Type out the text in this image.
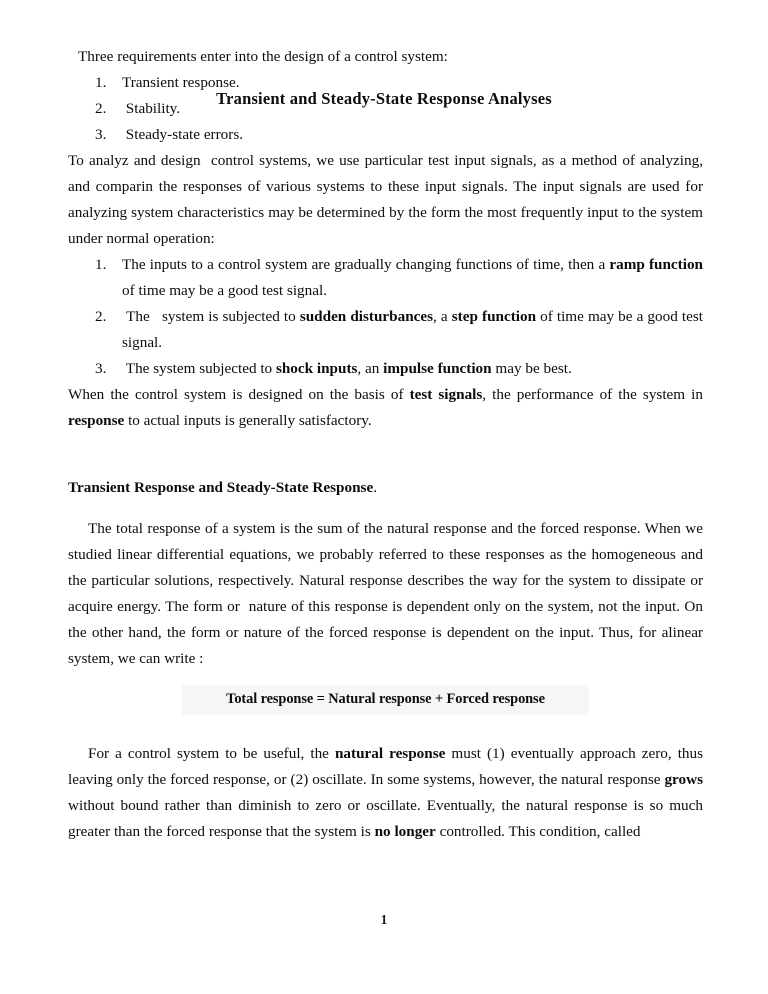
Transient and Steady-State Response Analyses

Three requirements enter into the design of a control system:

1.	Transient response.
2.	Stability.
3.	Steady-state errors.

To analyz and design  control systems, we use particular test input signals, as a method of analyzing, and comparin the responses of various systems to these input signals. The input signals are used for analyzing system characteristics may be determined by the form the most frequently input to the system under normal operation:

1.	The inputs to a control system are gradually changing functions of time, then a ramp function of time may be a good test signal.
2.	The   system is subjected to sudden disturbances, a step function of time may be a good test signal.
3.	The system subjected to shock inputs, an impulse function may be best.

When the control system is designed on the basis of test signals, the performance of the system in response to actual inputs is generally satisfactory.

Transient Response and Steady-State Response.

The total response of a system is the sum of the natural response and the forced response. When we studied linear differential equations, we probably referred to these responses as the homogeneous and the particular solutions, respectively. Natural response describes the way for the system to dissipate or acquire energy. The form or  nature of this response is dependent only on the system, not the input. On the other hand, the form or nature of the forced response is dependent on the input. Thus, for alinear system, we can write :

Total response = Natural response + Forced response

For a control system to be useful, the natural response must (1) eventually approach zero, thus leaving only the forced response, or (2) oscillate. In some systems, however, the natural response grows without bound rather than diminish to zero or oscillate. Eventually, the natural response is so much greater than the forced response that the system is no longer controlled. This condition, called

1
